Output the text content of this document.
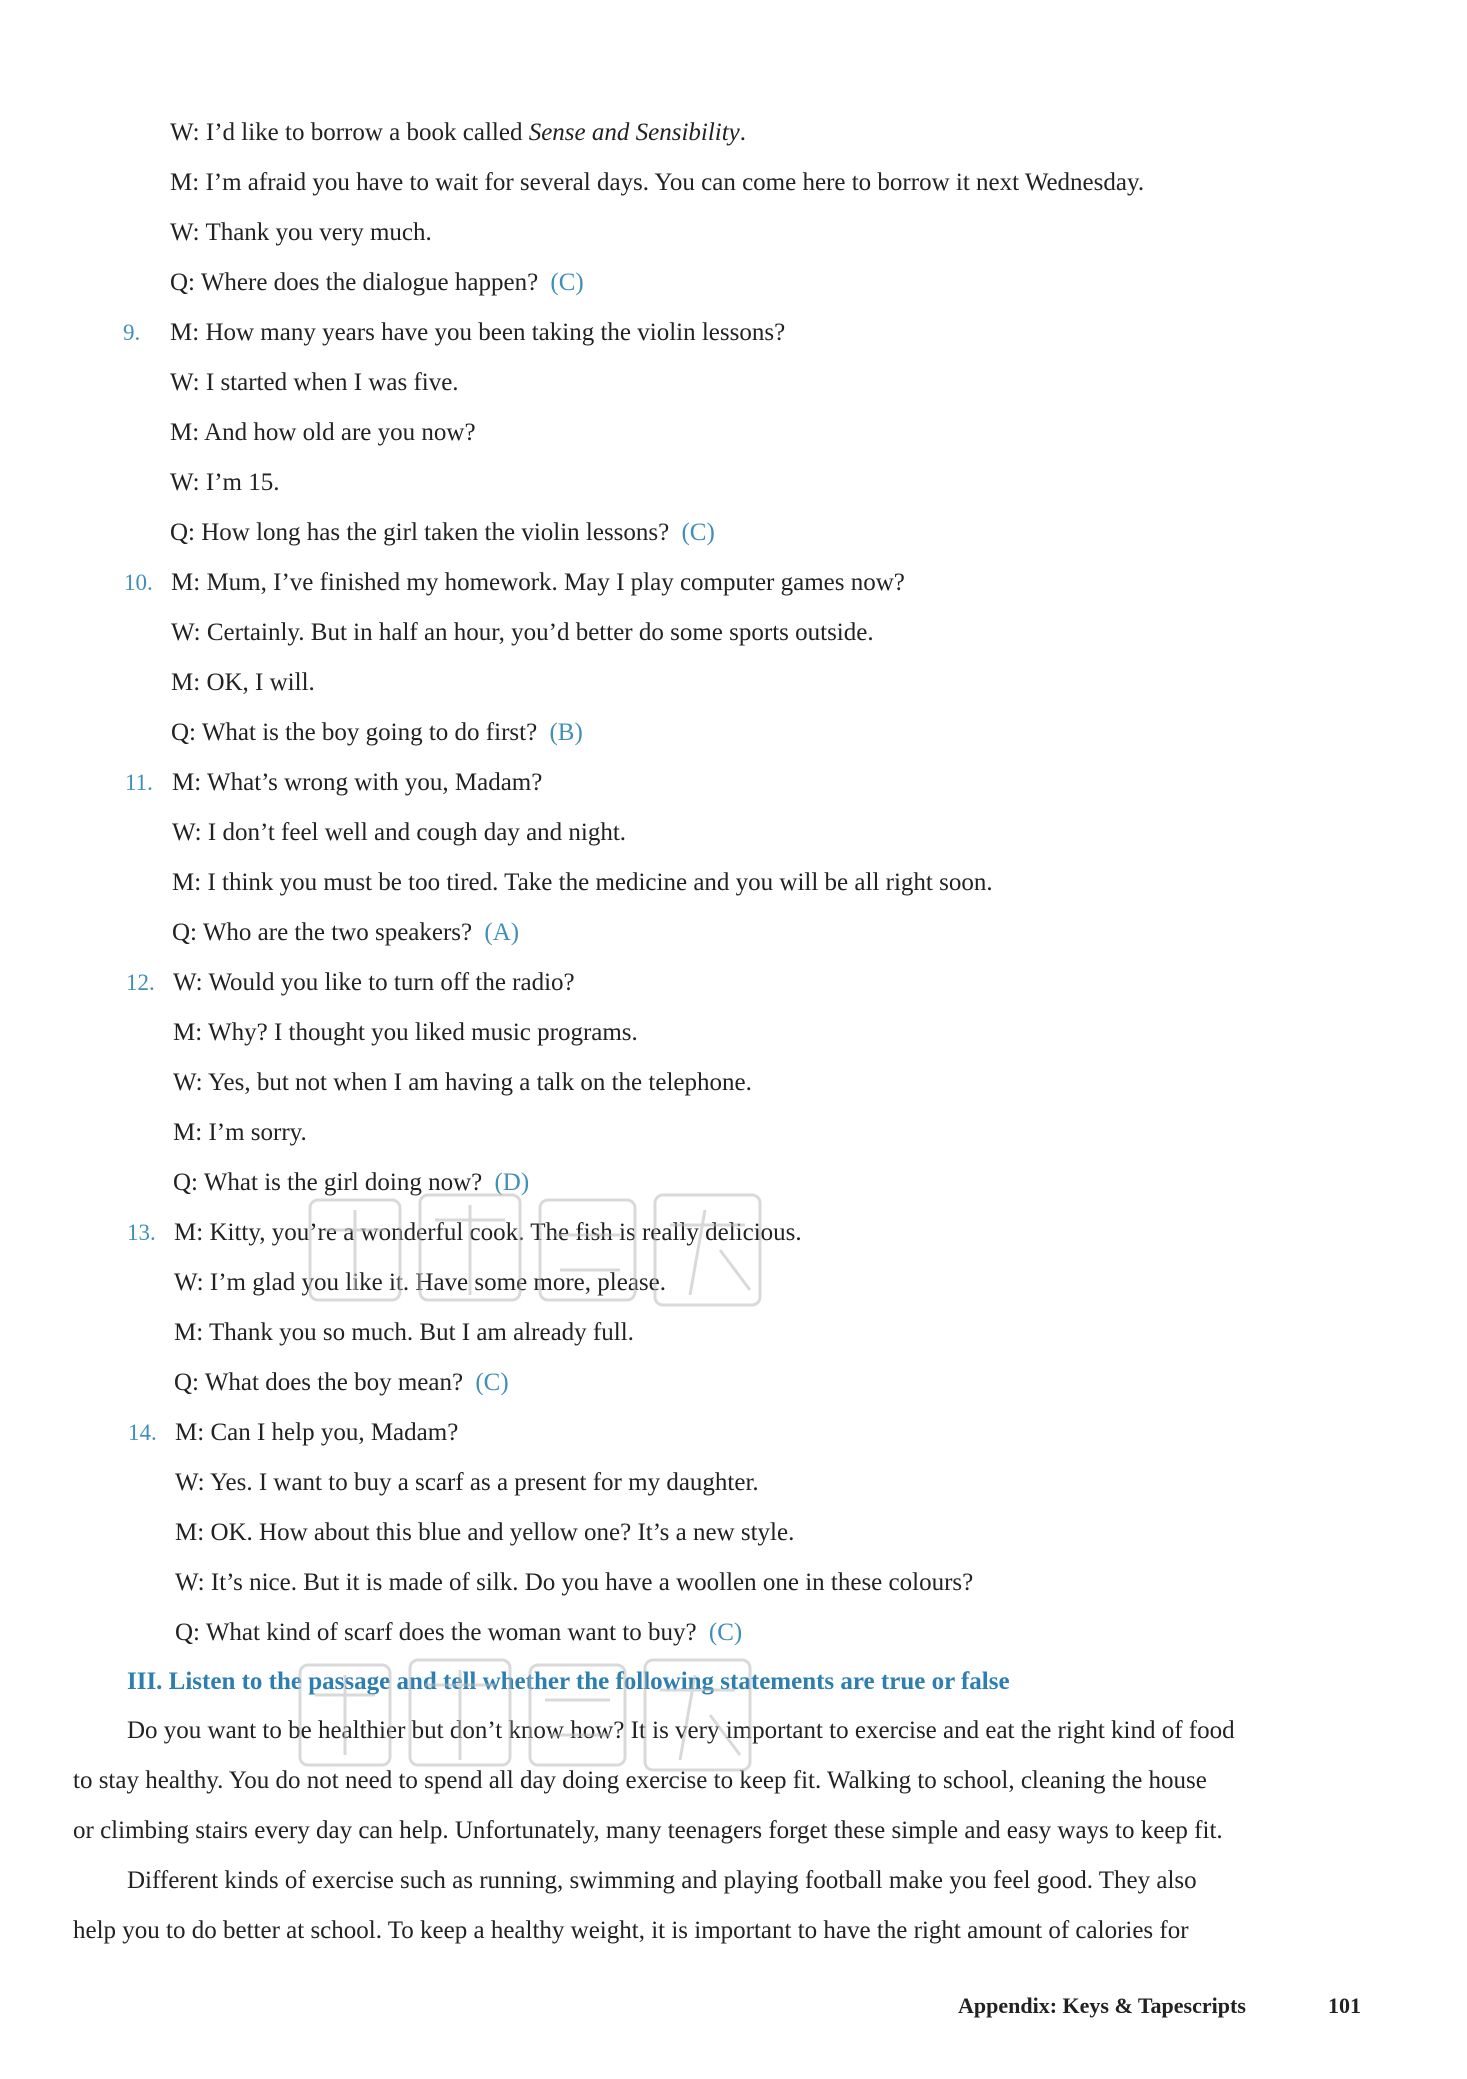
W: I’d like to borrow a book called Sense and Sensibility.
M: I’m afraid you have to wait for several days. You can come here to borrow it next Wednesday.
W: Thank you very much.
Q: Where does the dialogue happen? (C)
9. M: How many years have you been taking the violin lessons?
W: I started when I was five.
M: And how old are you now?
W: I’m 15.
Q: How long has the girl taken the violin lessons? (C)
10. M: Mum, I’ve finished my homework. May I play computer games now?
W: Certainly. But in half an hour, you’d better do some sports outside.
M: OK, I will.
Q: What is the boy going to do first? (B)
11. M: What’s wrong with you, Madam?
W: I don’t feel well and cough day and night.
M: I think you must be too tired. Take the medicine and you will be all right soon.
Q: Who are the two speakers? (A)
12. W: Would you like to turn off the radio?
M: Why? I thought you liked music programs.
W: Yes, but not when I am having a talk on the telephone.
M: I’m sorry.
Q: What is the girl doing now? (D)
13. M: Kitty, you’re a wonderful cook. The fish is really delicious.
W: I’m glad you like it. Have some more, please.
M: Thank you so much. But I am already full.
Q: What does the boy mean? (C)
14. M: Can I help you, Madam?
W: Yes. I want to buy a scarf as a present for my daughter.
M: OK. How about this blue and yellow one? It’s a new style.
W: It’s nice. But it is made of silk. Do you have a woollen one in these colours?
Q: What kind of scarf does the woman want to buy? (C)
III. Listen to the passage and tell whether the following statements are true or false
Do you want to be healthier but don’t know how? It is very important to exercise and eat the right kind of food
to stay healthy. You do not need to spend all day doing exercise to keep fit. Walking to school, cleaning the house
or climbing stairs every day can help. Unfortunately, many teenagers forget these simple and easy ways to keep fit.
Different kinds of exercise such as running, swimming and playing football make you feel good. They also
help you to do better at school. To keep a healthy weight, it is important to have the right amount of calories for
Appendix: Keys & Tapescripts	101
